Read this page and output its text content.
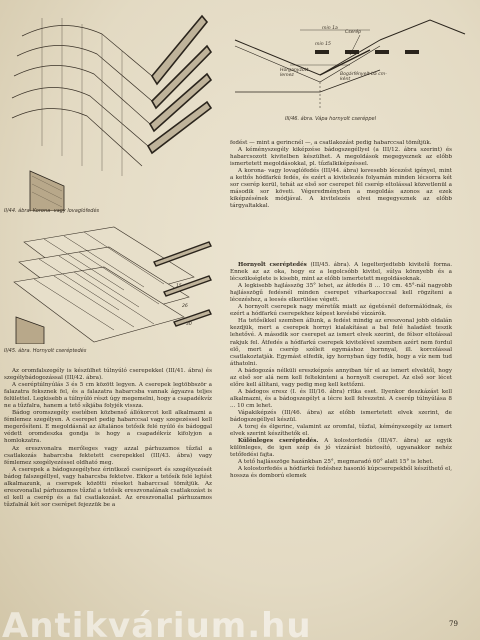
II/44. ábra. Korona- vagy lovaglófedés
min 1a
min 15
Cserép
Horganyzott lemez	Bogárfényelt ba cm-ként
III/46. ábra. Vápa hornyolt cseréppel
15
26
30
II/45. ábra. Hornyolt cseréptedés

fedést — mint a gerincnél —, a csatlakozást pedig habarccsal tömítjük.

A kéményszegély kiképzése bádogszegéllyel (a III/12. ábra szerint) és habarcsozott kivitelben készülhet. A megoldások megegyeznek az előbb ismertetett megoldásokkal, pl. tűzfalkiképzéssel.

A korona- vagy lovaglófedés (III/44. ábra) kevesebb lécezést igényel, mint a kettős hódfarkú fedés, és ezért a kivitelezés folyamán minden lécsorra két sor cserép kerül, tehát az első sor cserepet fél cserép eltolással közvetlenül a második sor követi. Végeredményben a megoldás azonos az ezek kiképzésének módjával. A kivitelezés elvei megegyeznek az előbb tárgyaltakkal.

Hornyolt cseréptedés (III/45. ábra). A legelterjedtebb kivitelű forma. Ennek az az oka, hogy ez a legolcsóbb kivitel, súlya könnyebb és a lécszükséglete is kisebb, mint az előbb ismertetett megoldásoknak.

A legkisebb hajlásszög 35° lehet, az átfedés 8 ... 10 cm. 45°-nál nagyobb hajlásszögű fedésnél minden cserepet viharkapoccsal kell rögzíteni a lécezéshez, a leesés elkerülése végett.

A hornyolt cserepek nagy méretűk miatt az égetésnél deformálódnak, és ezért a hódfarkú cserepekhez képest kevésbé vízzárók.

Ha tetősíkkel szemben állunk, a fedést mindig az ereszvonal jobb oldalán kezdjük, mert a cserepek hornyi kialakításai a bal felé haladást teszik lehetővé. A második sor cserepet az ismert elvek szerint, de félsor eltolással rakjuk fel. Átfedés a hódfarkú cserepek kivitelével szemben azért nem fordul elő, mert a cserép széleit egymáshoz hornnyal, ill. korcolással csatlakoztatják. Egymást elfedik, így hornyban úgy fedik, hogy a víz nem tud áthatolni.

A bádogozás nélküli ereszképzés annyiban tér el az ismert elvektől, hogy az első sor alá nem kell feltekinteni a hornyolt cserepet. Az első sor lécet előre kell állítani, vagy pedig meg kell kettőzni.

A bádogos eresz (I. és III/16. ábra) ritka eset. Ilyenkor deszkázást kell alkalmazni, és a bádogszegélyt a lécre kell felvezetni. A cserép túlnyúlása 8 ... 10 cm lehet.

Vápakiképzés (III/46. ábra) az előbb ismertetett elvek szerint, de bádogszegéllyel készül.

A torej és élgerinc, valamint az oromfal, tűzfal, kéményszegély az ismert elvek szerint készíthetők el.

Különleges cseréptedés. A kolostorfedés (III/47. ábra) az egyik különleges, de igen szép és jó vízzárást biztosító, ugyanakkor nehéz tetőfedési fajta.

A tető hajlásszöge hazánkban 25°, megmaradó 60° alatt 15° is lehet.

A kolostorfedés a hódfarkú fedéshez hasonló kúpcserepekből készíthető el, hossza és domború elemek

Az oromfalszegély is készülhet túlnyúló cserepekkel (III/41. ábra) és szegélybádogozással (III/42. ábra).

A cseréptúlnyúlás 3 és 5 cm között legyen. A cserepek legtöbbször a falazatra feksznek fel, és a falazatra habarcsba vannak ágyazva teljes felülettel. Legkisebb a túlnyúló részt úgy megemelni, hogy a csapadékvíz ne a tűzfalra, hanem a tető síkjába folyjék vissza.

Bádog oromszegély esetében közbenső állókorcot kell alkalmazni a fémlemez szegélyen. A cserepet pedig habarccsal vagy szegezéssel kell megerősíteni. E megoldásnál az általános tetősík felé nyúló és bádoggal védett oromdeszka gondja is hogy a csapadékvíz kifolyjon a homlokzatra.

Az ereszvonalra merőleges vagy azzal párhuzamos tűzfal a csatlakozás habarcsba fektetett cserepekkel (III/43. ábra) vagy fémlemez szegélyezéssel oldható meg.

A cserepek a bádogszegélyhez érintkező cserépsort és szegélyezését bádog falszegéllyel, vagy habarcsba fektetve. Ekkor a tetősík felé lejtést alkalmazunk, a cserepek közötti réseket habarccsal tömítjük. Az ereszvonallal párhuzamos tűzfal a tetősík ereszvonalának csatlakozást is el kell a cserép és a fal csatlakozást. Az ereszvonallal párhuzamos tűzfalnál két sor cserépet fejezzük be a

79
Antikvárium.hu
